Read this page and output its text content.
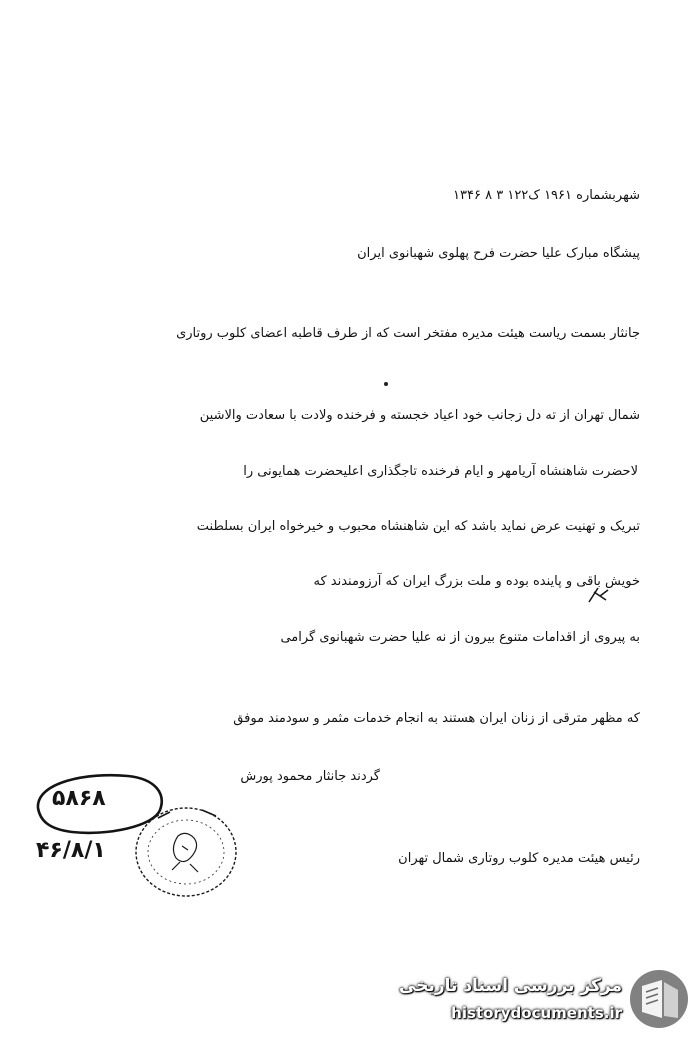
شهربشماره ۱۹۶۱ ک۱۲۲ ۳ ۸ ۱۳۴۶
پیشگاه مبارک علیا حضرت فرح پهلوی شهبانوی ایران
جانثار بسمت ریاست هیئت مدیره مفتخر است که از طرف قاطبه اعضای کلوب روتاری
شمال تهران از ته دل زجانب خود اعیاد خجسته و فرخنده ولادت با سعادت والاشین
لاحضرت شاهنشاه آریامهر و ایام فرخنده تاجگذاری اعلیحضرت همایونی را
تبریک و تهنیت عرض نماید باشد که این شاهنشاه محبوب و خیرخواه ایران بسلطنت
خویش باقی و پاینده بوده و ملت بزرگ ایران که آرزومندند که
به پیروی از اقدامات متنوع بیرون از نه علیا حضرت شهبانوی گرامی
که مظهر مترقی از زنان ایران هستند به انجام خدمات مثمر و سودمند موفق
گردند جانثار محمود پورش
رئیس هیئت مدیره کلوب روتاری شمال تهران
۵۸۶۸
۴۶/۸/۱
مرکز بررسی اسناد تاریخی
historydocuments.ir
